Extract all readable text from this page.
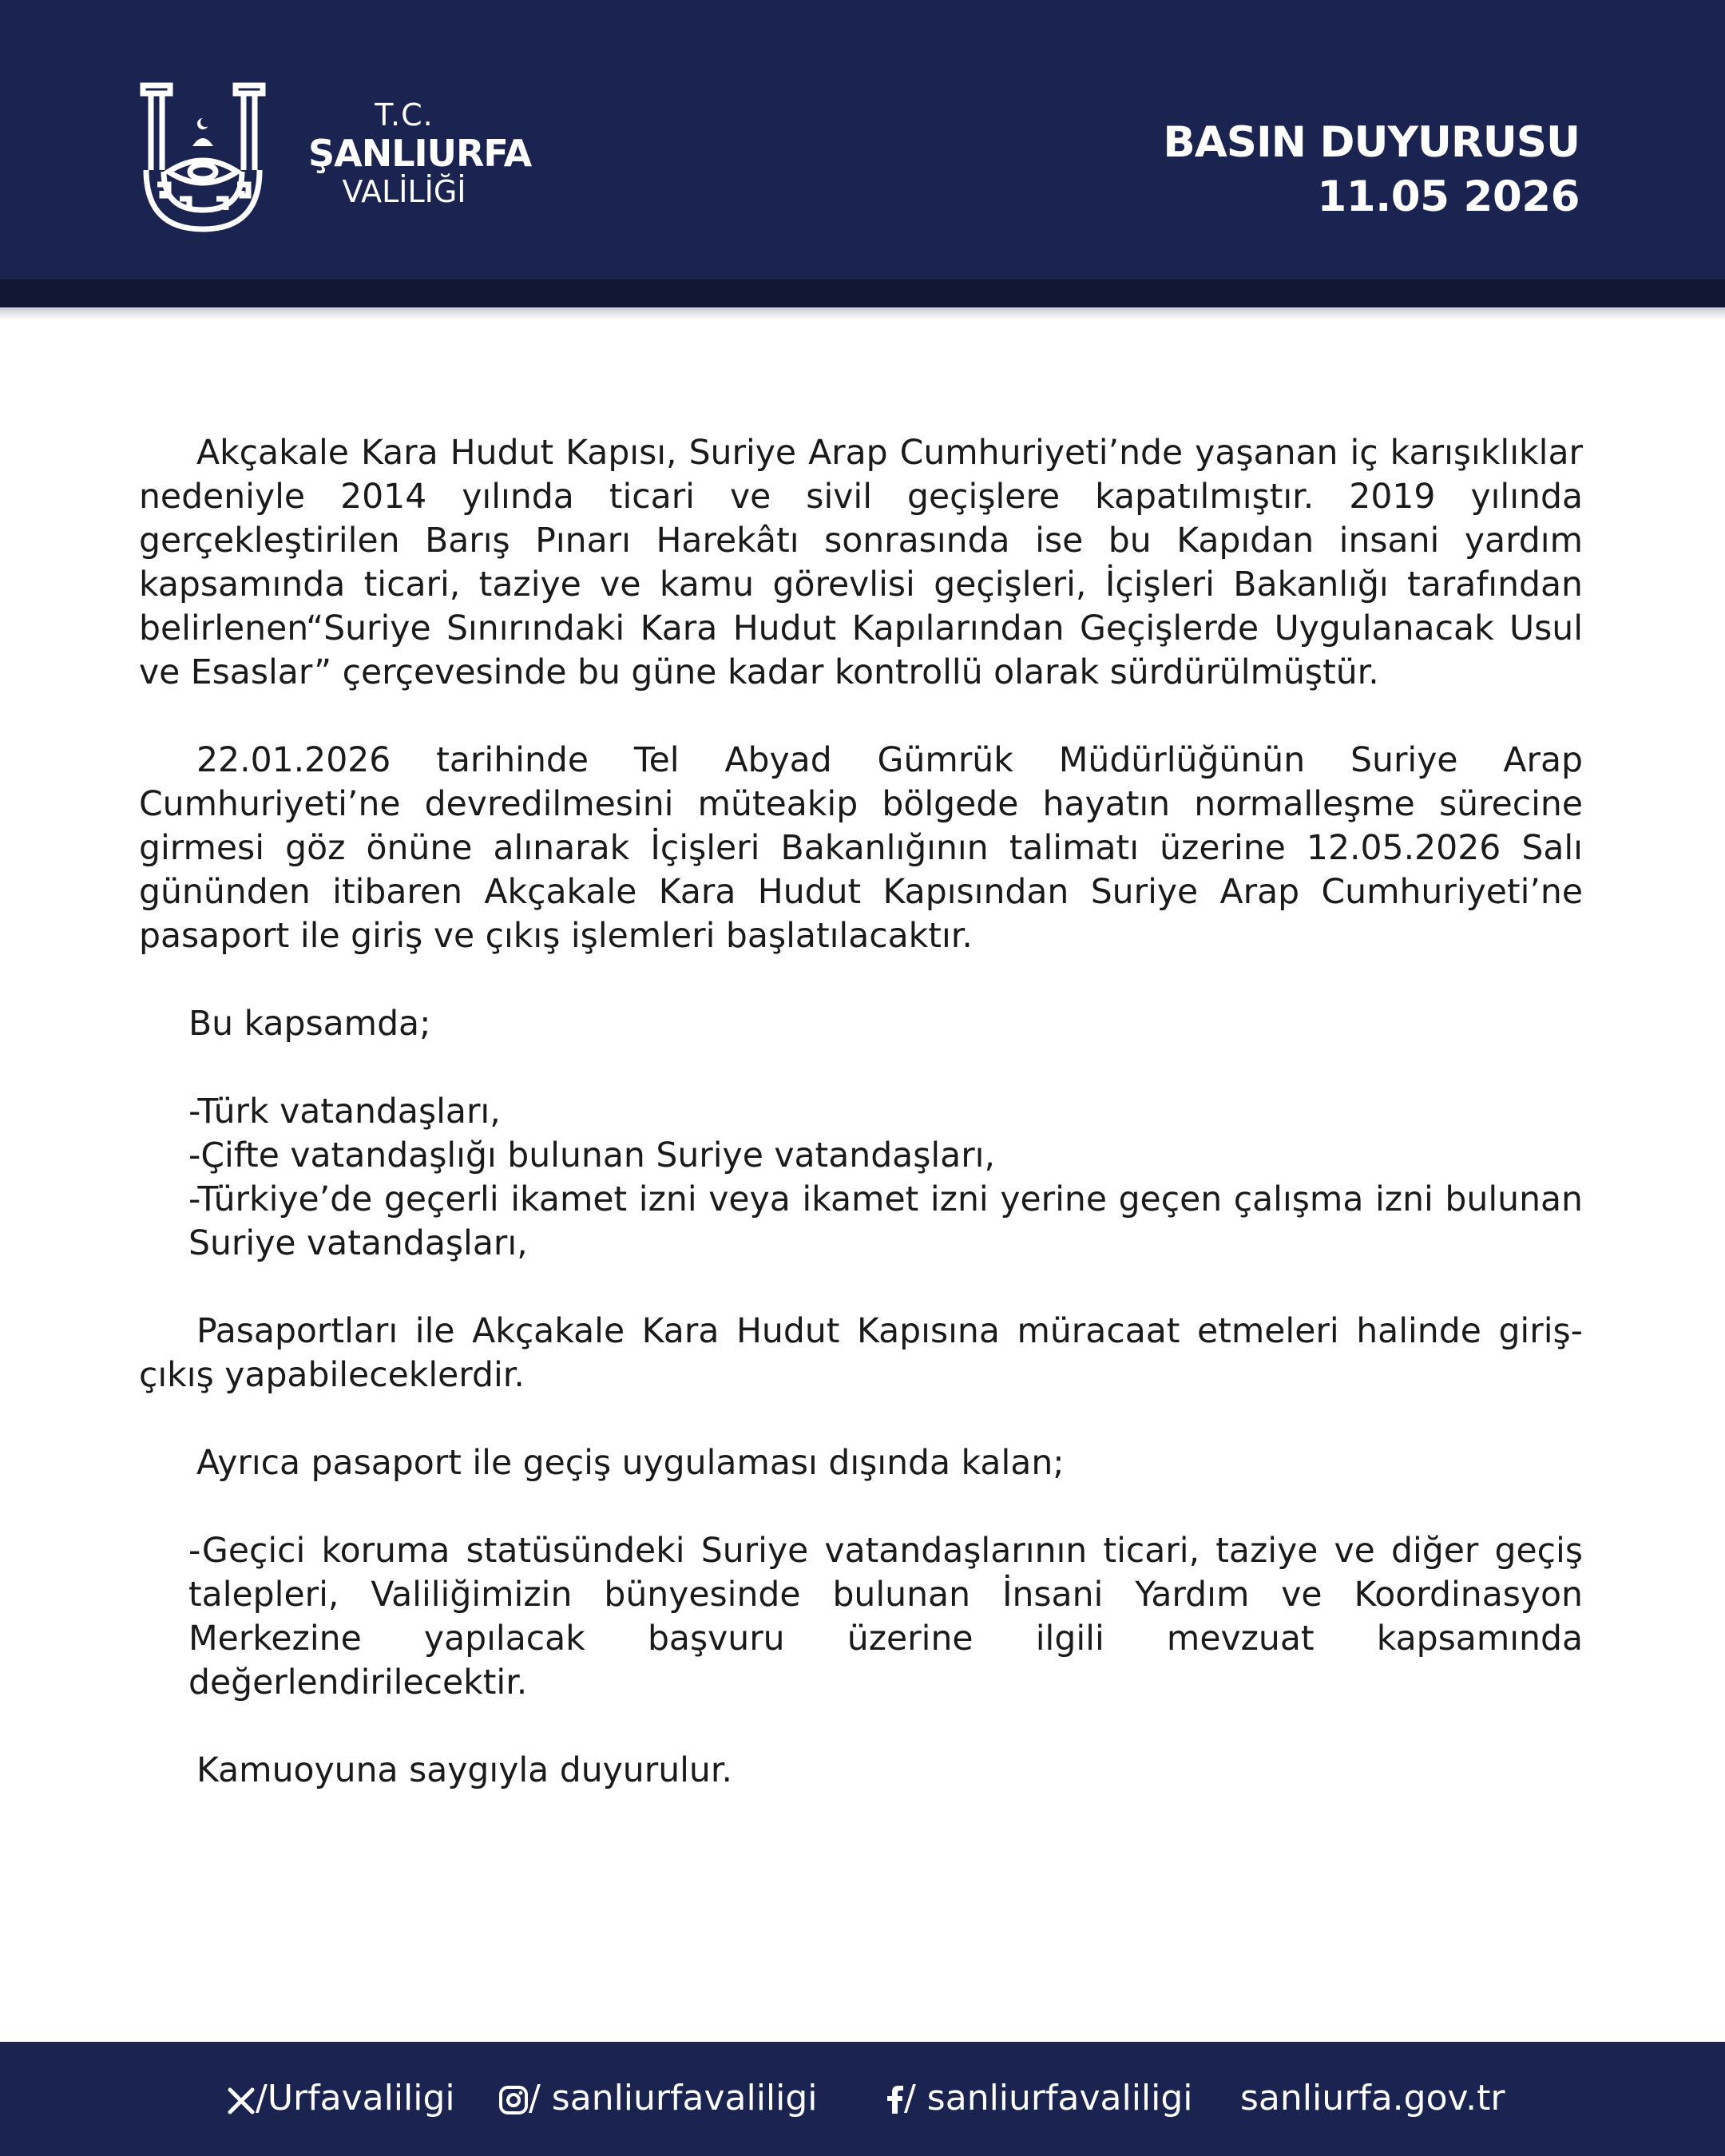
T.C.
ŞANLIURFA
VALİLİĞİ
BASIN DUYURUSU
11.05 2026

Akçakale Kara Hudut Kapısı, Suriye Arap Cumhuriyeti’nde yaşanan iç karışıklıklar nedeniyle 2014 yılında ticari ve sivil geçişlere kapatılmıştır. 2019 yılında gerçekleştirilen Barış Pınarı Harekâtı sonrasında ise bu Kapıdan insani yardım kapsamında ticari, taziye ve kamu görevlisi geçişleri, İçişleri Bakanlığı tarafından belirlenen“Suriye Sınırındaki Kara Hudut Kapılarından Geçişlerde Uygulanacak Usul ve Esaslar” çerçevesinde bu güne kadar kontrollü olarak sürdürülmüştür.

22.01.2026 tarihinde Tel Abyad Gümrük Müdürlüğünün Suriye Arap Cumhuriyeti’ne devredilmesini müteakip bölgede hayatın normalleşme sürecine girmesi göz önüne alınarak İçişleri Bakanlığının talimatı üzerine 12.05.2026 Salı gününden itibaren Akçakale Kara Hudut Kapısından Suriye Arap Cumhuriyeti’ne pasaport ile giriş ve çıkış işlemleri başlatılacaktır.

Bu kapsamda;

-Türk vatandaşları,

-Çifte vatandaşlığı bulunan Suriye vatandaşları,

-Türkiye’de geçerli ikamet izni veya ikamet izni yerine geçen çalışma izni bulunan Suriye vatandaşları,

Pasaportları ile Akçakale Kara Hudut Kapısına müracaat etmeleri halinde giriş-çıkış yapabileceklerdir.

Ayrıca pasaport ile geçiş uygulaması dışında kalan;

-Geçici koruma statüsündeki Suriye vatandaşlarının ticari, taziye ve diğer geçiş talepleri, Valiliğimizin bünyesinde bulunan İnsani Yardım ve Koordinasyon Merkezine yapılacak başvuru üzerine ilgili mevzuat kapsamında değerlendirilecektir.

Kamuoyuna saygıyla duyurulur.

/Urfavaliligi	/ sanliurfavaliligi	/ sanliurfavaliligi sanliurfa.gov.tr
